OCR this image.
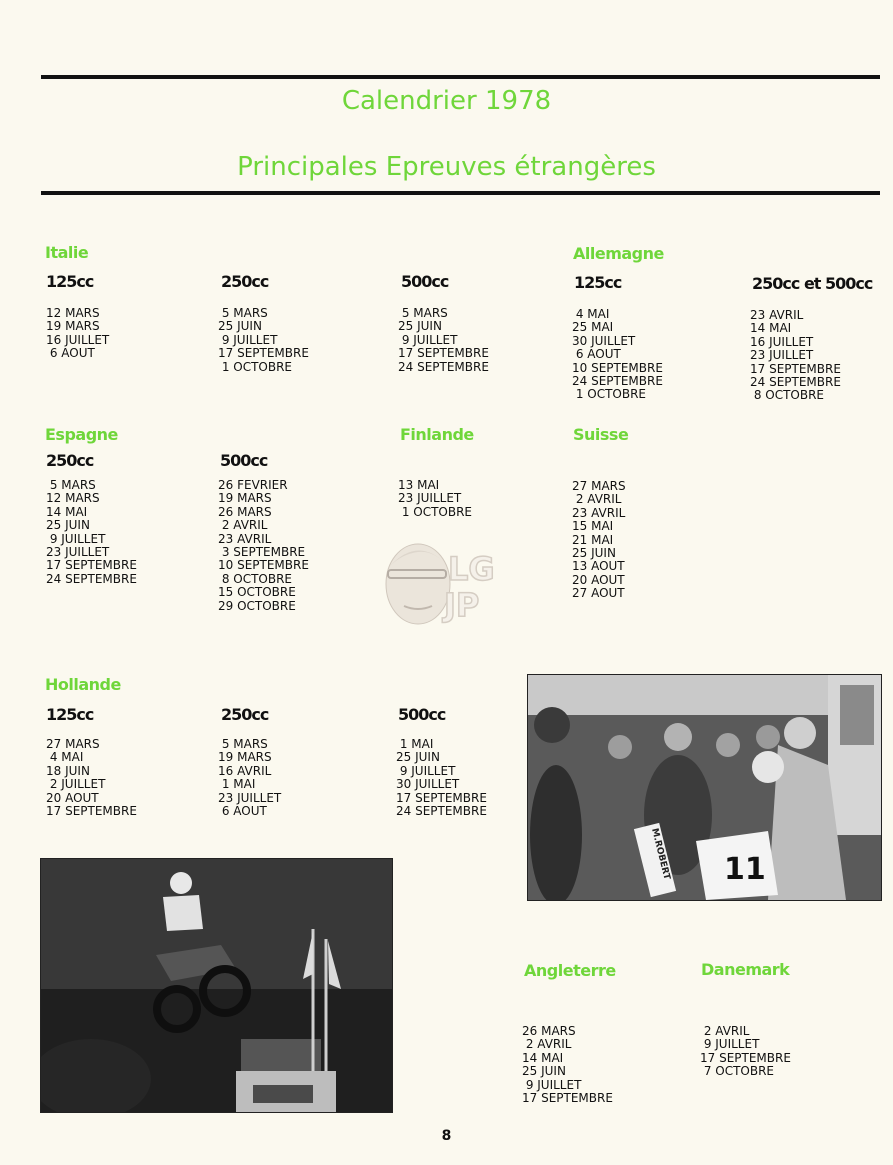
Calendrier 1978
Principales Epreuves étrangères
Italie
125cc
12 MARS
19 MARS
16 JUILLET
6 AOUT
250cc
5 MARS
25 JUIN
9 JUILLET
17 SEPTEMBRE
1 OCTOBRE
500cc
5 MARS
25 JUIN
9 JUILLET
17 SEPTEMBRE
24 SEPTEMBRE
Allemagne
125cc
4 MAI
25 MAI
30 JUILLET
6 AOUT
10 SEPTEMBRE
24 SEPTEMBRE
1 OCTOBRE
250cc et 500cc
23 AVRIL
14 MAI
16 JUILLET
23 JUILLET
17 SEPTEMBRE
24 SEPTEMBRE
8 OCTOBRE
Espagne
250cc
5 MARS
12 MARS
14 MAI
25 JUIN
9 JUILLET
23 JUILLET
17 SEPTEMBRE
24 SEPTEMBRE
500cc
26 FEVRIER
19 MARS
26 MARS
2 AVRIL
23 AVRIL
3 SEPTEMBRE
10 SEPTEMBRE
8 OCTOBRE
15 OCTOBRE
29 OCTOBRE
Finlande
13 MAI
23 JUILLET
1 OCTOBRE
Suisse
27 MARS
2 AVRIL
23 AVRIL
15 MAI
21 MAI
25 JUIN
13 AOUT
20 AOUT
27 AOUT
LG
JP
Hollande
125cc
27 MARS
4 MAI
18 JUIN
2 JUILLET
20 AOUT
17 SEPTEMBRE
250cc
5 MARS
19 MARS
16 AVRIL
1 MAI
23 JUILLET
6 AOUT
500cc
1 MAI
25 JUIN
9 JUILLET
30 JUILLET
17 SEPTEMBRE
24 SEPTEMBRE
M.ROBERT 11
Angleterre
26 MARS
2 AVRIL
14 MAI
25 JUIN
9 JUILLET
17 SEPTEMBRE
Danemark
2 AVRIL
9 JUILLET
17 SEPTEMBRE
7 OCTOBRE
8
